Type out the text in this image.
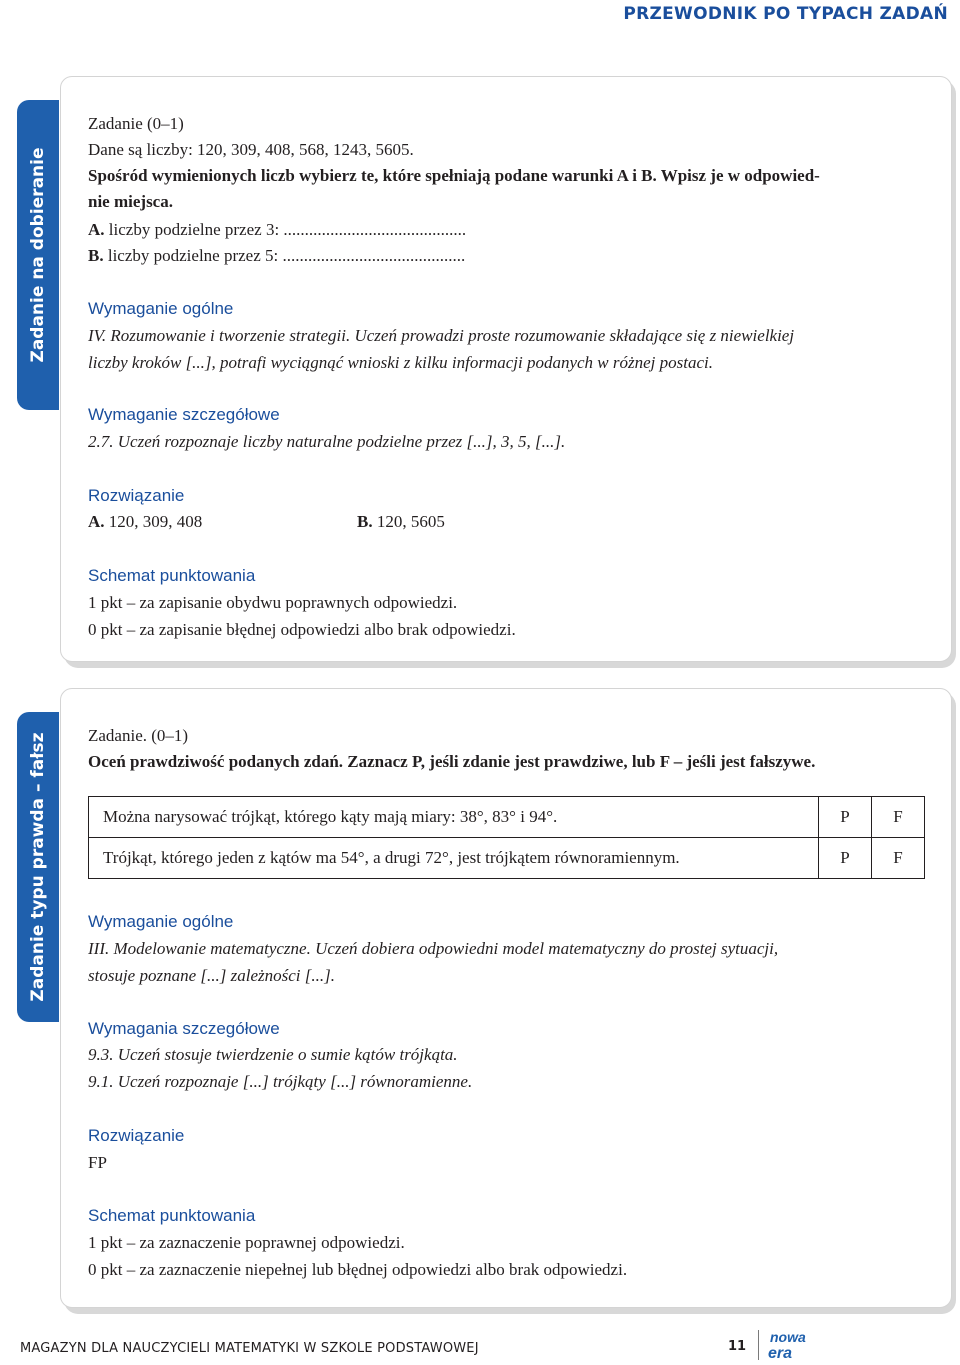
PRZEWODNIK PO TYPACH ZADAŃ
Zadanie na dobieranie
Zadanie (0–1)
Dane są liczby: 120, 309, 408, 568, 1243, 5605.
Spośród wymienionych liczb wybierz te, które spełniają podane warunki A i B. Wpisz je w odpowied-
nie miejsca.
A. liczby podzielne przez 3: ...........................................
B. liczby podzielne przez 5: ...........................................
Wymaganie ogólne
IV. Rozumowanie i tworzenie strategii. Uczeń prowadzi proste rozumowanie składające się z niewielkiej
liczby kroków [...], potrafi wyciągnąć wnioski z kilku informacji podanych w różnej postaci.
Wymaganie szczegółowe
2.7. Uczeń rozpoznaje liczby naturalne podzielne przez [...], 3, 5, [...].
Rozwiązanie
A. 120, 309, 408	B. 120, 5605
Schemat punktowania
1 pkt – za zapisanie obydwu poprawnych odpowiedzi.
0 pkt – za zapisanie błędnej odpowiedzi albo brak odpowiedzi.
Zadanie typu prawda – fałsz Zadanie. (0–1)
Oceń prawdziwość podanych zdań. Zaznacz P, jeśli zdanie jest prawdziwe, lub F – jeśli jest fałszywe.
Można narysować trójkąt, którego kąty mają miary: 38°, 83° i 94°.	P	F
Trójkąt, którego jeden z kątów ma 54°, a drugi 72°, jest trójkątem równoramiennym.	P	F
Wymaganie ogólne
III. Modelowanie matematyczne. Uczeń dobiera odpowiedni model matematyczny do prostej sytuacji,
stosuje poznane [...] zależności [...].
Wymagania szczegółowe
9.3. Uczeń stosuje twierdzenie o sumie kątów trójkąta.
9.1. Uczeń rozpoznaje [...] trójkąty [...] równoramienne.
Rozwiązanie
FP
Schemat punktowania
1 pkt – za zaznaczenie poprawnej odpowiedzi.
0 pkt – za zaznaczenie niepełnej lub błędnej odpowiedzi albo brak odpowiedzi.
MAGAZYN DLA NAUCZYCIELI MATEMATYKI W SZKOLE PODSTAWOWEJ	11
nowa
era
